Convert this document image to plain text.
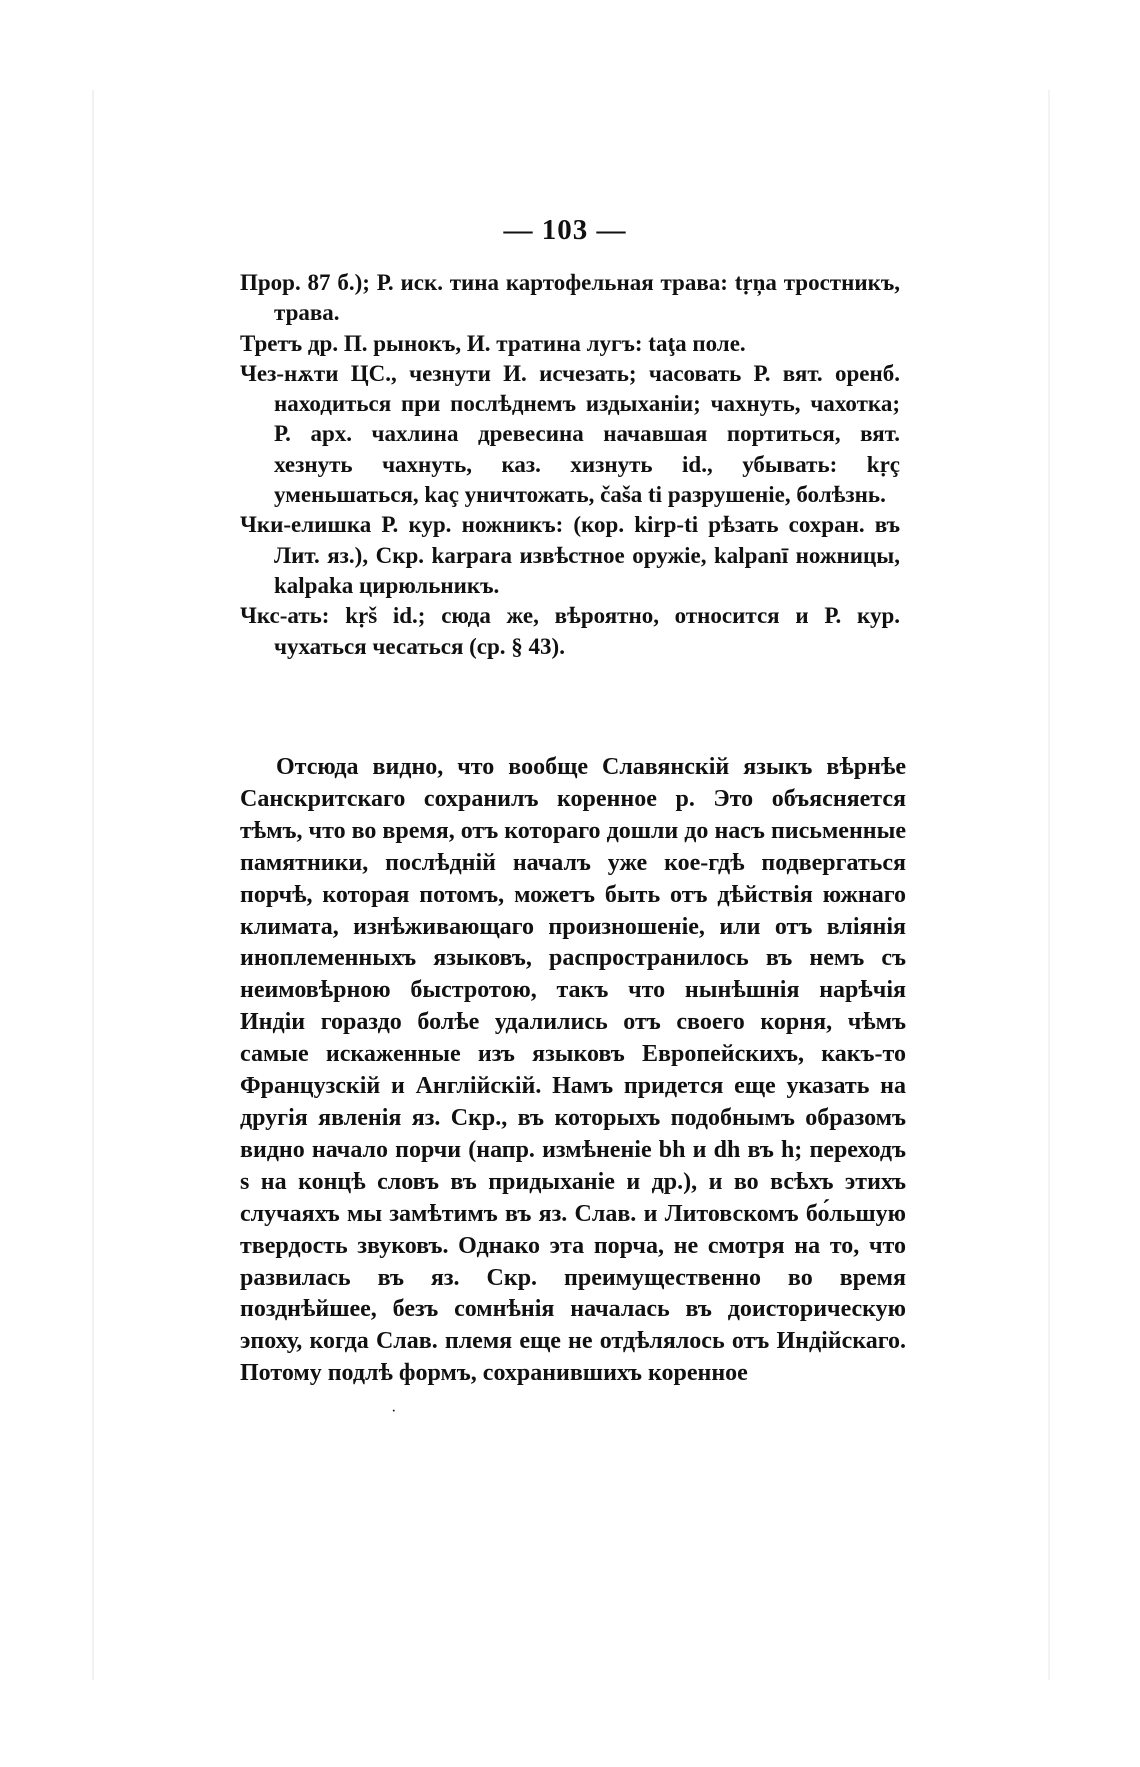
— 103 —
Прор. 87 б.); Р. иск. тина картофельная трава: tṛņa тростникъ, трава.
Третъ др. П. рынокъ, И. тратина лугъ: taţa поле.
Чез-нѫти ЦС., чезнути И. исчезать; часовать Р. вят. оренб. находиться при послѣднемъ издыханіи; чахнуть, чахотка; Р. арх. чахлина древесина начавшая портиться, вят. хезнуть чахнуть, каз. хизнуть id., убывать: kṛç уменьшаться, kaç уничтожать, čaša ti разрушеніе, болѣзнь.
Чки-елишка Р. кур. ножникъ: (кор. kirp-ti рѣзать сохран. въ Лит. яз.), Скр. kаrраrа извѣстное оружіе, kalpanī ножницы, kalpaka цирюльникъ.
Чкс-ать: kṛš id.; сюда же, вѣроятно, относится и Р. кур. чухаться чесаться (ср. § 43).

Отсюда видно, что вообще Славянскій языкъ вѣрнѣе Санскритскаго сохранилъ коренное р. Это объясняется тѣмъ, что во время, отъ котораго дошли до насъ письменные памятники, послѣдній началъ уже кое-гдѣ подвергаться порчѣ, которая потомъ, можетъ быть отъ дѣйствія южнаго климата, изнѣживающаго произношеніе, или отъ вліянія иноплеменныхъ языковъ, распространилось въ немъ съ неимовѣрною быстротою, такъ что нынѣшнія нарѣчія Индіи гораздо болѣе удалились отъ своего корня, чѣмъ самые искаженные изъ языковъ Европейскихъ, какъ-то Французскій и Англійскій. Намъ придется еще указать на другія явленія яз. Скр., въ которыхъ подобнымъ образомъ видно начало порчи (напр. измѣненіе bh и dh въ h; переходъ s на концѣ словъ въ придыханіе и др.), и во всѣхъ этихъ случаяхъ мы замѣтимъ въ яз. Слав. и Литовскомъ бо́льшую твердость звуковъ. Однако эта порча, не смотря на то, что развилась въ яз. Скр. преимущественно во время позднѣйшее, безъ сомнѣнія началась въ доисторическую эпоху, когда Слав. племя еще не отдѣлялось отъ Индійскаго. Потому подлѣ формъ, сохранившихъ коренное

·
